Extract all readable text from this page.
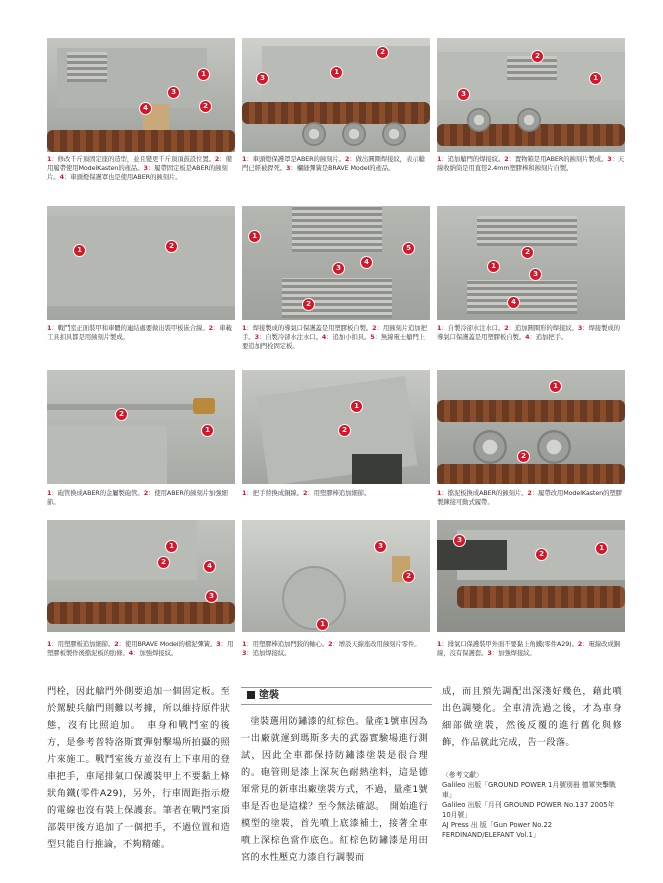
1
3
2
4
2
1
3
2
1
3
1：修改千斤頂固定座的造型，並且變更千斤頂頂鼓設位置。2：備用履帶使用ModelKasten的產品。3：履帶固定板是ABER的蝕刻片。4：車頭燈保護罩也是使用ABER的蝕刻片。
1：車頭燈保護罩是ABER的蝕刻片。2：做出圓圈焊接紋，表示艙門已經被銲死。3：欄縫彈簧是BRAVE Model的產品。
1：追加艙門的焊接紋。2：置物箱是用ABER的蝕刻片製成。3：天線收納筒是用直徑2.4mm塑膠棒和蝕刻片自製。
1	2
1
5
4
3
2
2
1
3
4
1：戰鬥室正面裝甲和車體的連結處要做出裝甲板嵌合線。2：車載工具扣具都是用蝕刻片製成。
1：焊接製成的導氣口保護蓋是用塑膠板自製。2：用蝕刻片追加把手。3：自製冷卻水注水口。4：追加小扣具。5：無線電士艙門上要追加門栓固定板。
1：自製冷卻水注水口。2：追加圓圈形的焊接紋。3：焊接製成的導氣口保護蓋是用塑膠板自製。4：追加把手。
1
2
1
2
1
2
1：砲管換成ABER的金屬製砲管。2：使用ABER的蝕刻片加強細節。
1：把手替換成銅線。2：用塑膠棒追加細節。	1：擋泥板換成ABER的蝕刻片。2：履帶改用ModelKasten的塑膠製鍊接可動式履帶。
1
2	4
3
3
2
1
3
2
1
1：用塑膠板追加細節。2：使用BRAVE Model的檔泥彈簧。3：用塑膠板製作後擋泥板的肋條。4：加強焊接紋。
1：用塑膠棒追加門鉸的軸心。2：增設天線座改用蝕刻片零件。3：追加焊接紋。
1：排氣口保護裝甲外面不要黏上角鐵(零件A29)。2：電線改成銅線，沒有保護套。3：加強焊接紋。
門栓，因此艙門外側要追加一個固定板。至於駕駛兵艙門則難以考據，所以維持原件狀態，沒有比照追加。　車身和戰鬥室的後方，是參考普特洛斯實彈射擊場所拍攝的照片來施工。戰鬥室後方並沒有上下車用的登車把手，車尾排氣口保護裝甲上不要黏上條狀角鐵(零件A29)，另外，行車間距指示燈的電線也沒有裝上保護套。筆者在戰鬥室頂部裝甲後方追加了一個把手，不過位置和造型只能自行推論，不夠精確。
塗裝
　塗裝選用防鏽漆的紅棕色。量產1號車因為一出廠就運到瑪斯多夫的武器實驗場進行測試，因此全車都保持防鏽漆塗裝是很合理的。砲管則是漆上深灰色耐熱塗料，這是德軍常見的新車出廠塗裝方式，不過，量產1號車是否也是這樣？至今無法確認。　開始進行模型的塗裝，首先噴上底漆補土，接著全車噴上深棕色當作底色。紅棕色防鏽漆是用田宮的水性壓克力漆自行調製而
成，而且預先調配出深淺好幾色，藉此噴出色調變化。全車清洗過之後，才為車身細部做塗裝，然後反覆的進行舊化與修飾，作品就此完成，告一段落。
〈參考文獻〉
Galileo 出版「GROUND POWER 1月號別冊 德軍突擊戰車」
Galileo 出版「月刊 GROUND POWER No.137 2005年10月號」
AJ Press 出 版「Gun Power No.22 FERDINAND/ELEFANT Vol.1」
